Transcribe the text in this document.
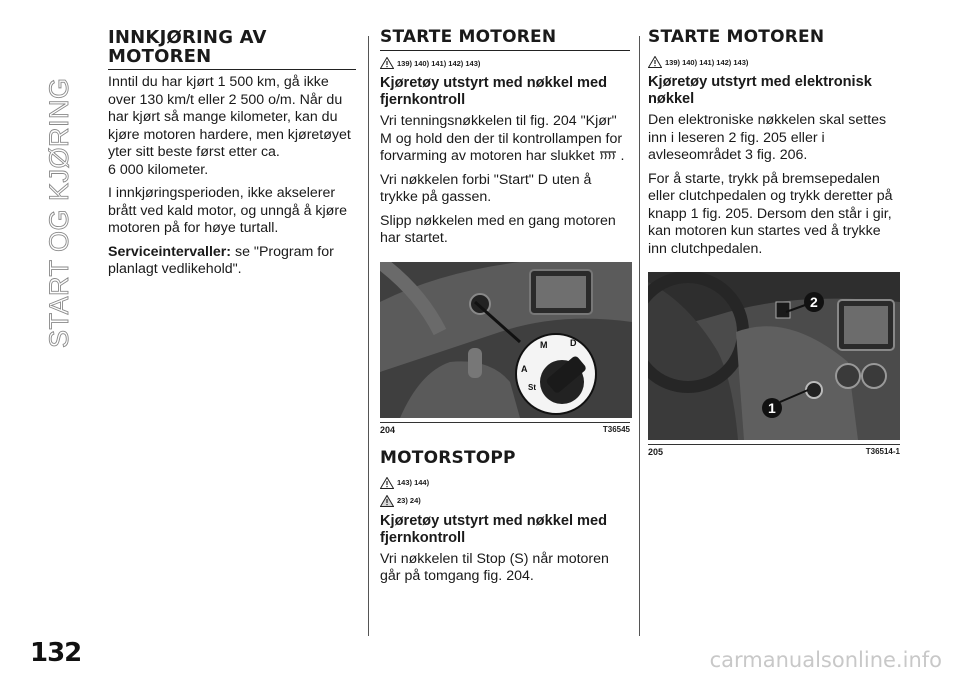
START OG KJØRING
INNKJØRING AV
MOTOREN

Inntil du har kjørt 1 500 km, gå ikke over 130 km/t eller 2 500 o/m. Når du har kjørt så mange kilometer, kan du kjøre motoren hardere, men kjøretøyet yter sitt beste først etter ca.
6 000 kilometer.

I innkjøringsperioden, ikke akselerer brått ved kald motor, og unngå å kjøre motoren på for høye turtall.

Serviceintervaller: se "Program for planlagt vedlikehold".

STARTE MOTOREN
139) 140) 141) 142) 143)
Kjøretøy utstyrt med nøkkel med fjernkontroll

Vri tenningsnøkkelen til fig. 204 "Kjør" M og hold den der til kontrollampen for forvarming av motoren har slukket .

Vri nøkkelen forbi "Start" D uten å trykke på gassen.

Slipp nøkkelen med en gang motoren har startet.

M	D
A
St
204	T36545
MOTORSTOPP
143) 144)
23) 24)
Kjøretøy utstyrt med nøkkel med fjernkontroll

Vri nøkkelen til Stop (S) når motoren går på tomgang fig. 204.

STARTE MOTOREN
139) 140) 141) 142) 143)
Kjøretøy utstyrt med elektronisk nøkkel

Den elektroniske nøkkelen skal settes inn i leseren 2 fig. 205 eller i avleseområdet 3 fig. 206.

For å starte, trykk på bremsepedalen eller clutchpedalen og trykk deretter på knapp 1 fig. 205. Dersom den står i gir, kan motoren kun startes ved å trykke inn clutchpedalen.

2
1
205	T36514-1
132	carmanualsonline.info
